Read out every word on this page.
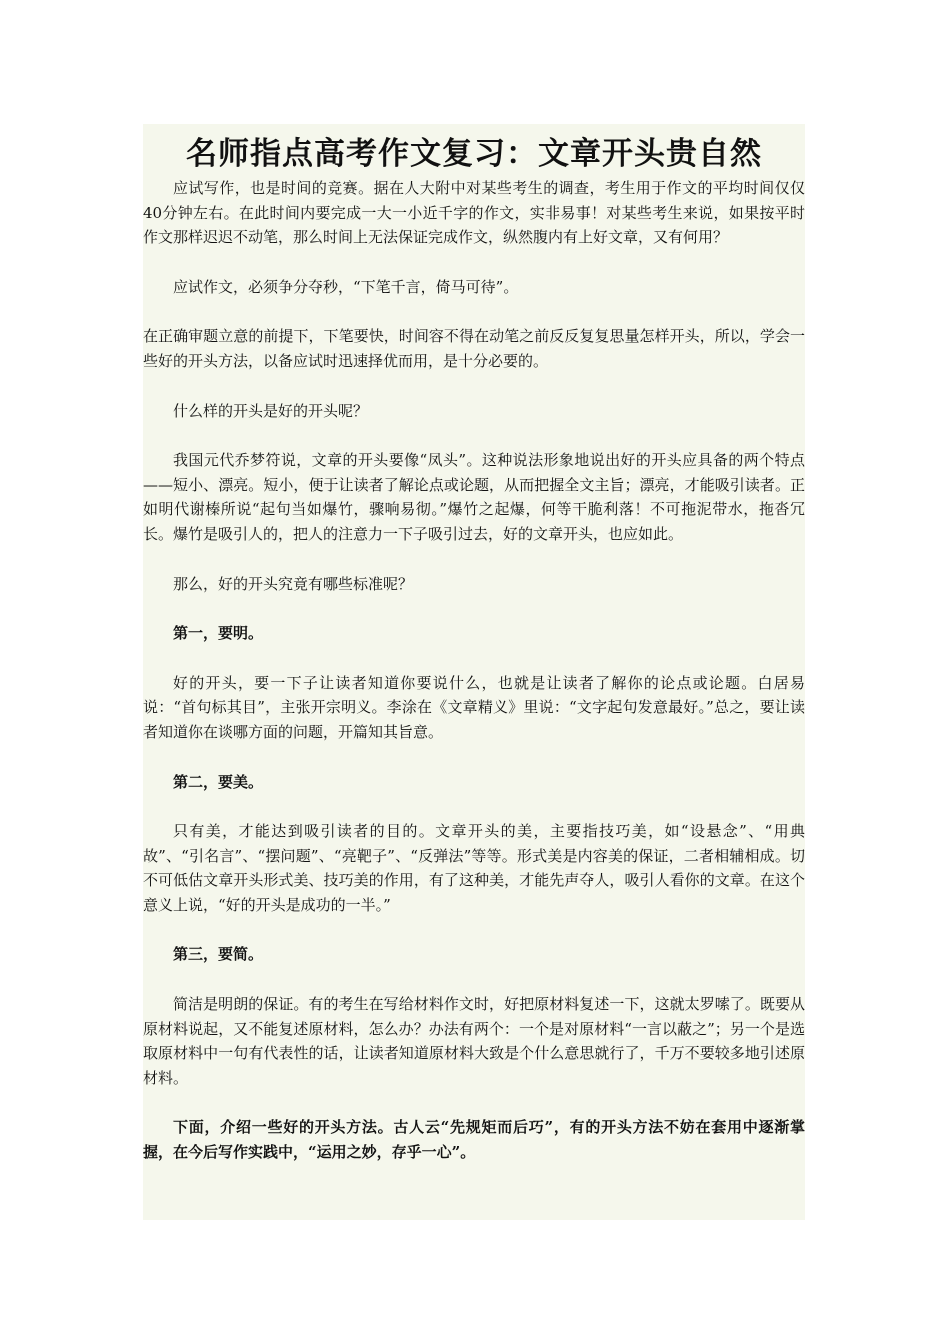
名师指点高考作文复习：文章开头贵自然

应试写作，也是时间的竞赛。据在人大附中对某些考生的调查，考生用于作文的平均时间仅仅40分钟左右。在此时间内要完成一大一小近千字的作文，实非易事！对某些考生来说，如果按平时作文那样迟迟不动笔，那么时间上无法保证完成作文，纵然腹内有上好文章，又有何用？

应试作文，必须争分夺秒，“下笔千言，倚马可待”。

在正确审题立意的前提下，下笔要快，时间容不得在动笔之前反反复复思量怎样开头，所以，学会一些好的开头方法，以备应试时迅速择优而用，是十分必要的。

什么样的开头是好的开头呢？

我国元代乔梦符说，文章的开头要像“凤头”。这种说法形象地说出好的开头应具备的两个特点——短小、漂亮。短小，便于让读者了解论点或论题，从而把握全文主旨；漂亮，才能吸引读者。正如明代谢榛所说“起句当如爆竹，骤响易彻。”爆竹之起爆，何等干脆利落！不可拖泥带水，拖沓冗长。爆竹是吸引人的，把人的注意力一下子吸引过去，好的文章开头，也应如此。

那么，好的开头究竟有哪些标准呢？

第一，要明。

好的开头，要一下子让读者知道你要说什么，也就是让读者了解你的论点或论题。白居易说：“首句标其目”，主张开宗明义。李涂在《文章精义》里说：“文字起句发意最好。”总之，要让读者知道你在谈哪方面的问题，开篇知其旨意。

第二，要美。

只有美，才能达到吸引读者的目的。文章开头的美，主要指技巧美，如“设悬念”、“用典故”、“引名言”、“摆问题”、“亮靶子”、“反弹法”等等。形式美是内容美的保证，二者相辅相成。切不可低估文章开头形式美、技巧美的作用，有了这种美，才能先声夺人，吸引人看你的文章。在这个意义上说，“好的开头是成功的一半。”

第三，要简。

简洁是明朗的保证。有的考生在写给材料作文时，好把原材料复述一下，这就太罗嗦了。既要从原材料说起，又不能复述原材料，怎么办？办法有两个：一个是对原材料“一言以蔽之”；另一个是选取原材料中一句有代表性的话，让读者知道原材料大致是个什么意思就行了，千万不要较多地引述原材料。

下面，介绍一些好的开头方法。古人云“先规矩而后巧”，有的开头方法不妨在套用中逐渐掌握，在今后写作实践中，“运用之妙，存乎一心”。
